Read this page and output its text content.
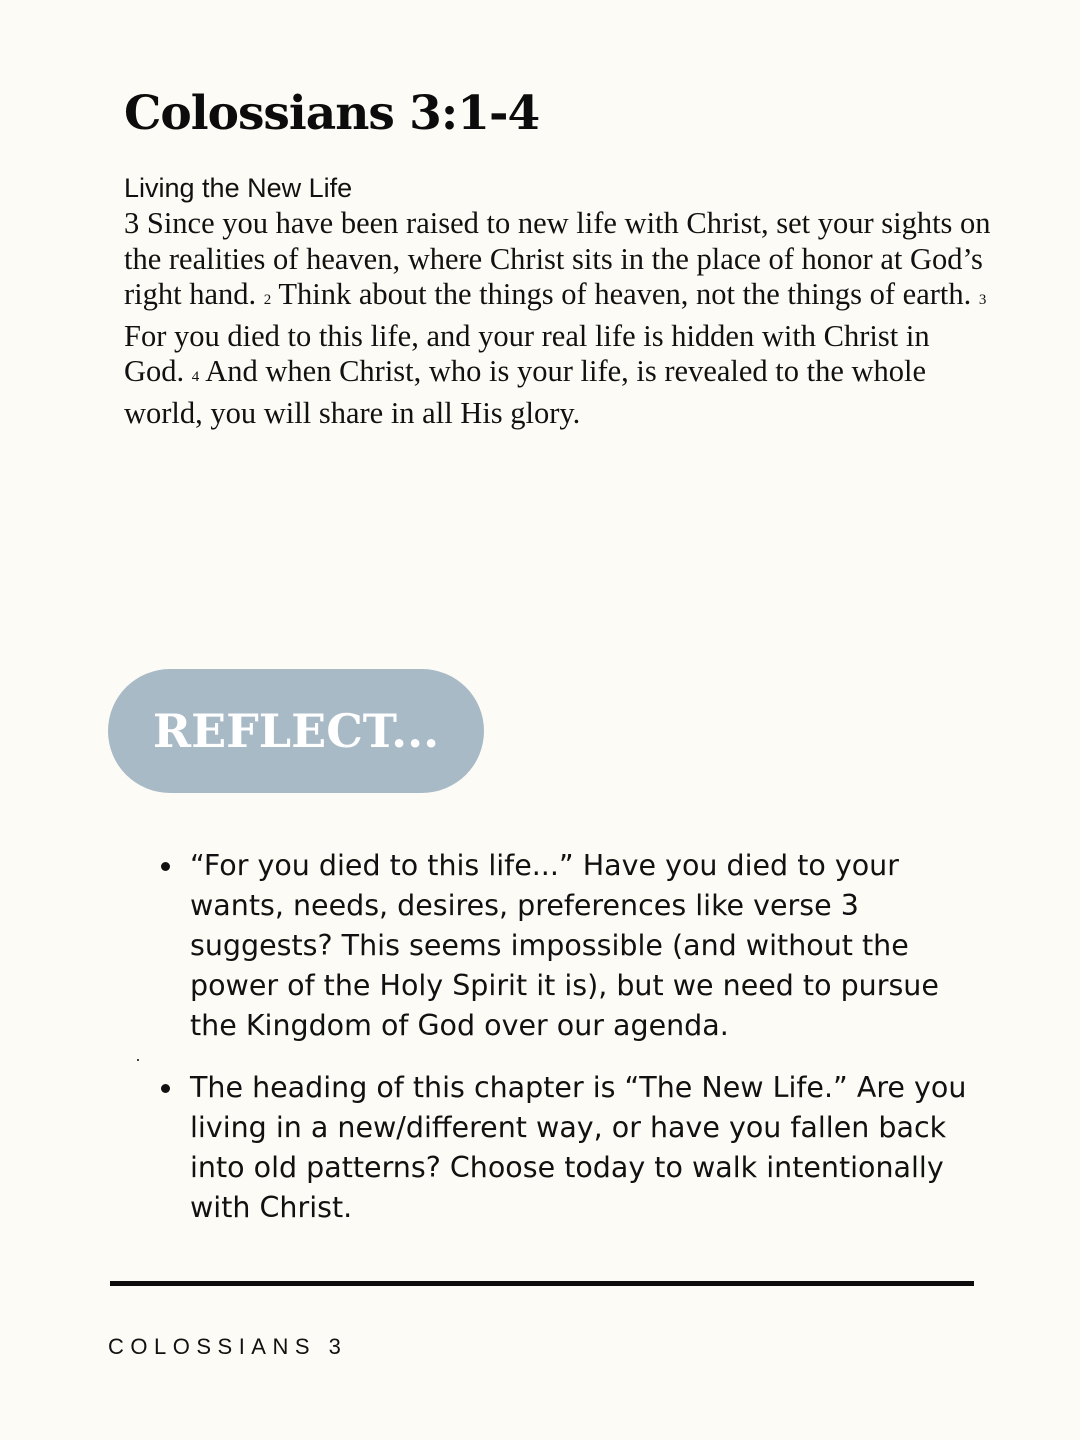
Colossians 3:1-4
Living the New Life

3 Since you have been raised to new life with Christ, set your sights on the realities of heaven, where Christ sits in the place of honor at God’s right hand. 2 Think about the things of heaven, not the things of earth. 3 For you died to this life, and your real life is hidden with Christ in God. 4 And when Christ, who is your life, is revealed to the whole world, you will share in all His glory.

REFLECT...
“For you died to this life...” Have you died to your wants, needs, desires, preferences like verse 3 suggests? This seems impossible (and without the power of the Holy Spirit it is), but we need to pursue the Kingdom of God over our agenda.
The heading of this chapter is “The New Life.” Are you living in a new/different way, or have you fallen back into old patterns? Choose today to walk intentionally with Christ.
COLOSSIANS 3
